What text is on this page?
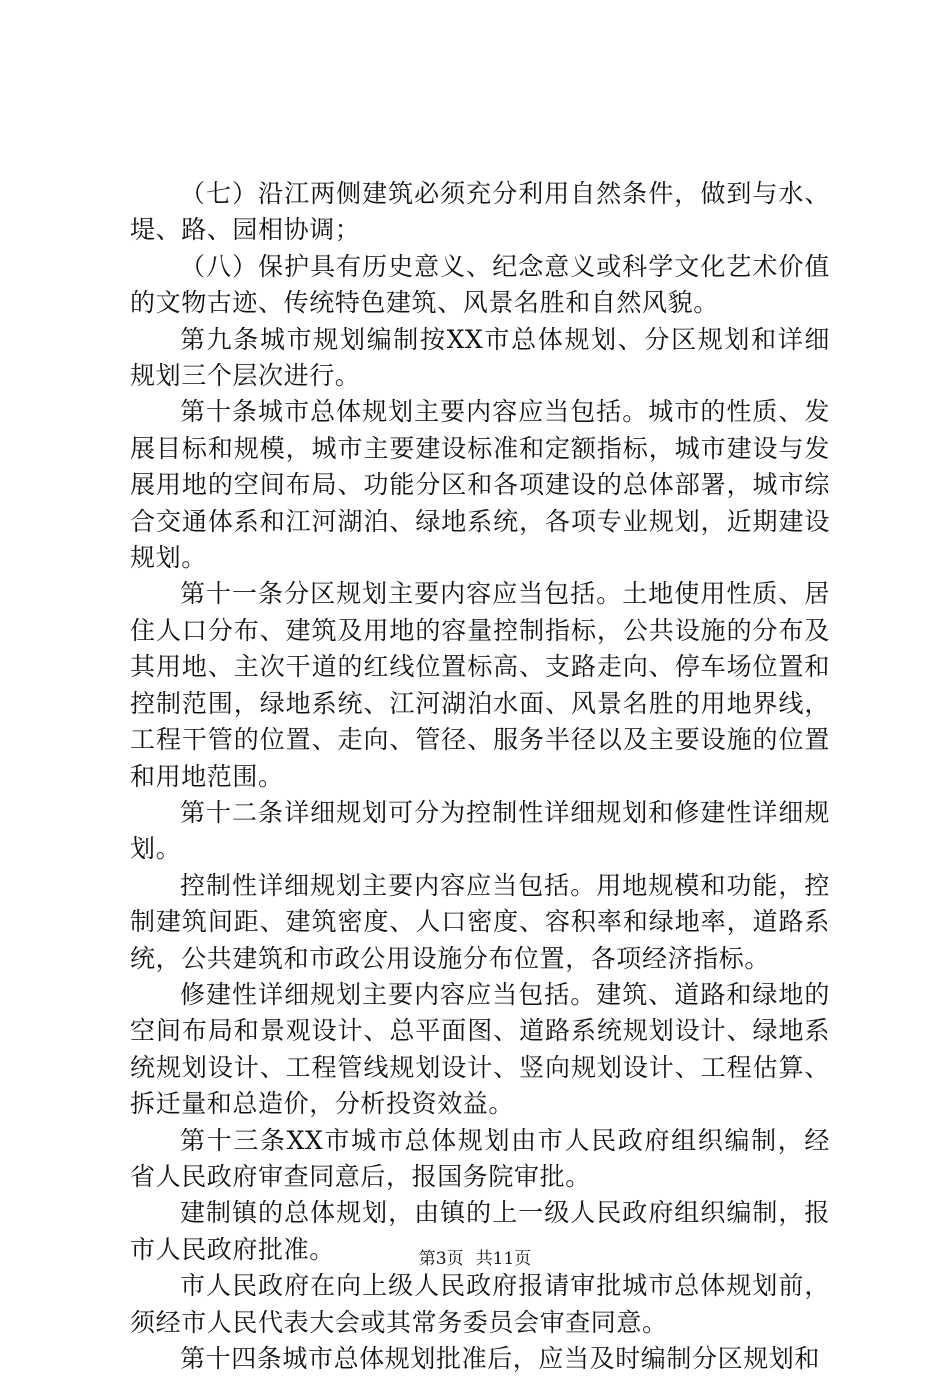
（七）沿江两侧建筑必须充分利用自然条件，做到与水、堤、路、园相协调；

（八）保护具有历史意义、纪念意义或科学文化艺术价值的文物古迹、传统特色建筑、风景名胜和自然风貌。

第九条城市规划编制按XX市总体规划、分区规划和详细规划三个层次进行。

第十条城市总体规划主要内容应当包括。城市的性质、发展目标和规模，城市主要建设标准和定额指标，城市建设与发展用地的空间布局、功能分区和各项建设的总体部署，城市综合交通体系和江河湖泊、绿地系统，各项专业规划，近期建设规划。

第十一条分区规划主要内容应当包括。土地使用性质、居住人口分布、建筑及用地的容量控制指标，公共设施的分布及其用地、主次干道的红线位置标高、支路走向、停车场位置和控制范围，绿地系统、江河湖泊水面、风景名胜的用地界线，工程干管的位置、走向、管径、服务半径以及主要设施的位置和用地范围。

第十二条详细规划可分为控制性详细规划和修建性详细规划。

控制性详细规划主要内容应当包括。用地规模和功能，控制建筑间距、建筑密度、人口密度、容积率和绿地率，道路系统，公共建筑和市政公用设施分布位置，各项经济指标。

修建性详细规划主要内容应当包括。建筑、道路和绿地的空间布局和景观设计、总平面图、道路系统规划设计、绿地系统规划设计、工程管线规划设计、竖向规划设计、工程估算、拆迁量和总造价，分析投资效益。

第十三条XX市城市总体规划由市人民政府组织编制，经省人民政府审查同意后，报国务院审批。

建制镇的总体规划，由镇的上一级人民政府组织编制，报市人民政府批准。

市人民政府在向上级人民政府报请审批城市总体规划前，须经市人民代表大会或其常务委员会审查同意。

第十四条城市总体规划批准后，应当及时编制分区规划和

第3页 共11页
